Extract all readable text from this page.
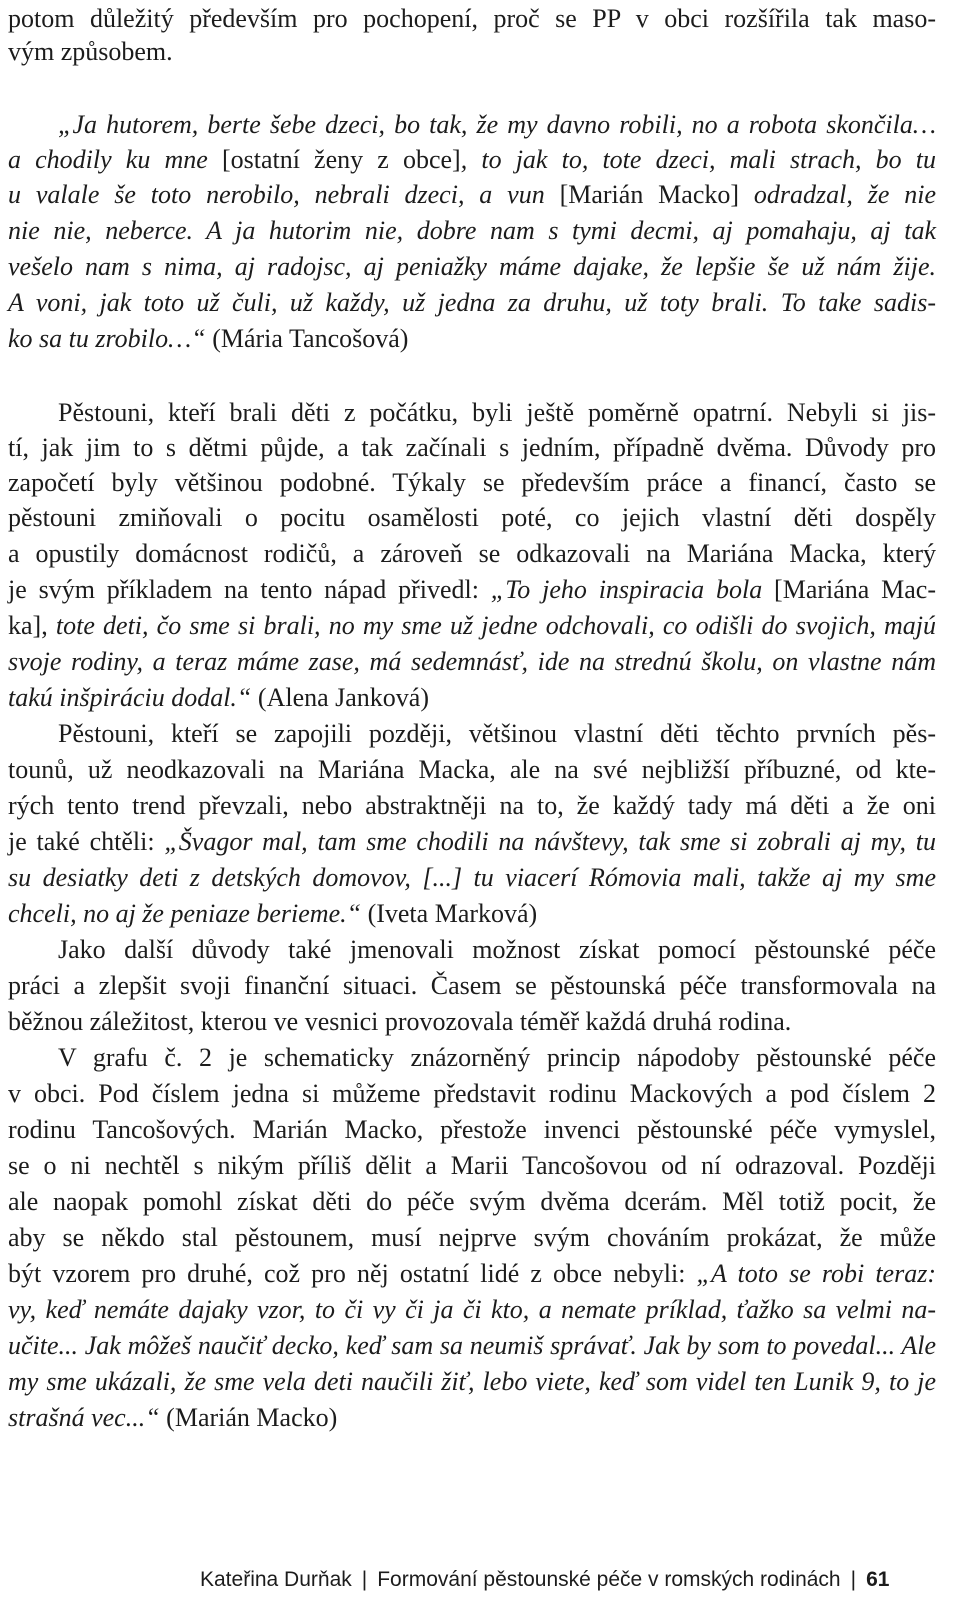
potom důležitý především pro pochopení, proč se PP v obci rozšířila tak maso-
vým způsobem.
„Ja hutorem, berte šebe dzeci, bo tak, že my davno robili, no a robota skončila…
a chodily ku mne [ostatní ženy z obce], to jak to, tote dzeci, mali strach, bo tu
u valale še toto nerobilo, nebrali dzeci, a vun [Marián Macko] odradzal, že nie
nie nie, neberce. A ja hutorim nie, dobre nam s tymi decmi, aj pomahaju, aj tak
vešelo nam s nima, aj radojsc, aj peniažky máme dajake, že lepšie še už nám žije.
A voni, jak toto už čuli, už každy, už jedna za druhu, už toty brali. To take sadis-
ko sa tu zrobilo…“ (Mária Tancošová)
Pěstouni, kteří brali děti z počátku, byli ještě poměrně opatrní. Nebyli si jis-
tí, jak jim to s dětmi půjde, a tak začínali s jedním, případně dvěma. Důvody pro
započetí byly většinou podobné. Týkaly se především práce a financí, často se
pěstouni zmiňovali o pocitu osamělosti poté, co jejich vlastní děti dospěly
a opustily domácnost rodičů, a zároveň se odkazovali na Mariána Macka, který
je svým příkladem na tento nápad přivedl: „To jeho inspiracia bola [Mariána Mac-
ka], tote deti, čo sme si brali, no my sme už jedne odchovali, co odišli do svojich, majú
svoje rodiny, a teraz máme zase, má sedemnásť, ide na strednú školu, on vlastne nám
takú inšpiráciu dodal.“ (Alena Janková)
Pěstouni, kteří se zapojili později, většinou vlastní děti těchto prvních pěs-
tounů, už neodkazovali na Mariána Macka, ale na své nejbližší příbuzné, od kte-
rých tento trend převzali, nebo abstraktněji na to, že každý tady má děti a že oni
je také chtěli: „Švagor mal, tam sme chodili na návštevy, tak sme si zobrali aj my, tu
su desiatky deti z detských domovov, [...] tu viacerí Rómovia mali, takže aj my sme
chceli, no aj že peniaze berieme.“ (Iveta Marková)
Jako další důvody také jmenovali možnost získat pomocí pěstounské péče
práci a zlepšit svoji finanční situaci. Časem se pěstounská péče transformovala na
běžnou záležitost, kterou ve vesnici provozovala téměř každá druhá rodina.
V grafu č. 2 je schematicky znázorněný princip nápodoby pěstounské péče
v obci. Pod číslem jedna si můžeme představit rodinu Mackových a pod číslem 2
rodinu Tancošových. Marián Macko, přestože invenci pěstounské péče vymyslel,
se o ni nechtěl s nikým příliš dělit a Marii Tancošovou od ní odrazoval. Později
ale naopak pomohl získat děti do péče svým dvěma dcerám. Měl totiž pocit, že
aby se někdo stal pěstounem, musí nejprve svým chováním prokázat, že může
být vzorem pro druhé, což pro něj ostatní lidé z obce nebyli: „A toto se robi teraz:
vy, keď nemáte dajaky vzor, to či vy či ja či kto, a nemate príklad, ťažko sa velmi na-
učite... Jak môžeš naučiť decko, keď sam sa neumiš správať. Jak by som to povedal... Ale
my sme ukázali, že sme vela deti naučili žiť, lebo viete, keď som videl ten Lunik 9, to je
strašná vec...“ (Marián Macko)
Kateřina Durňak | Formování pěstounské péče v romských rodinách | 61
